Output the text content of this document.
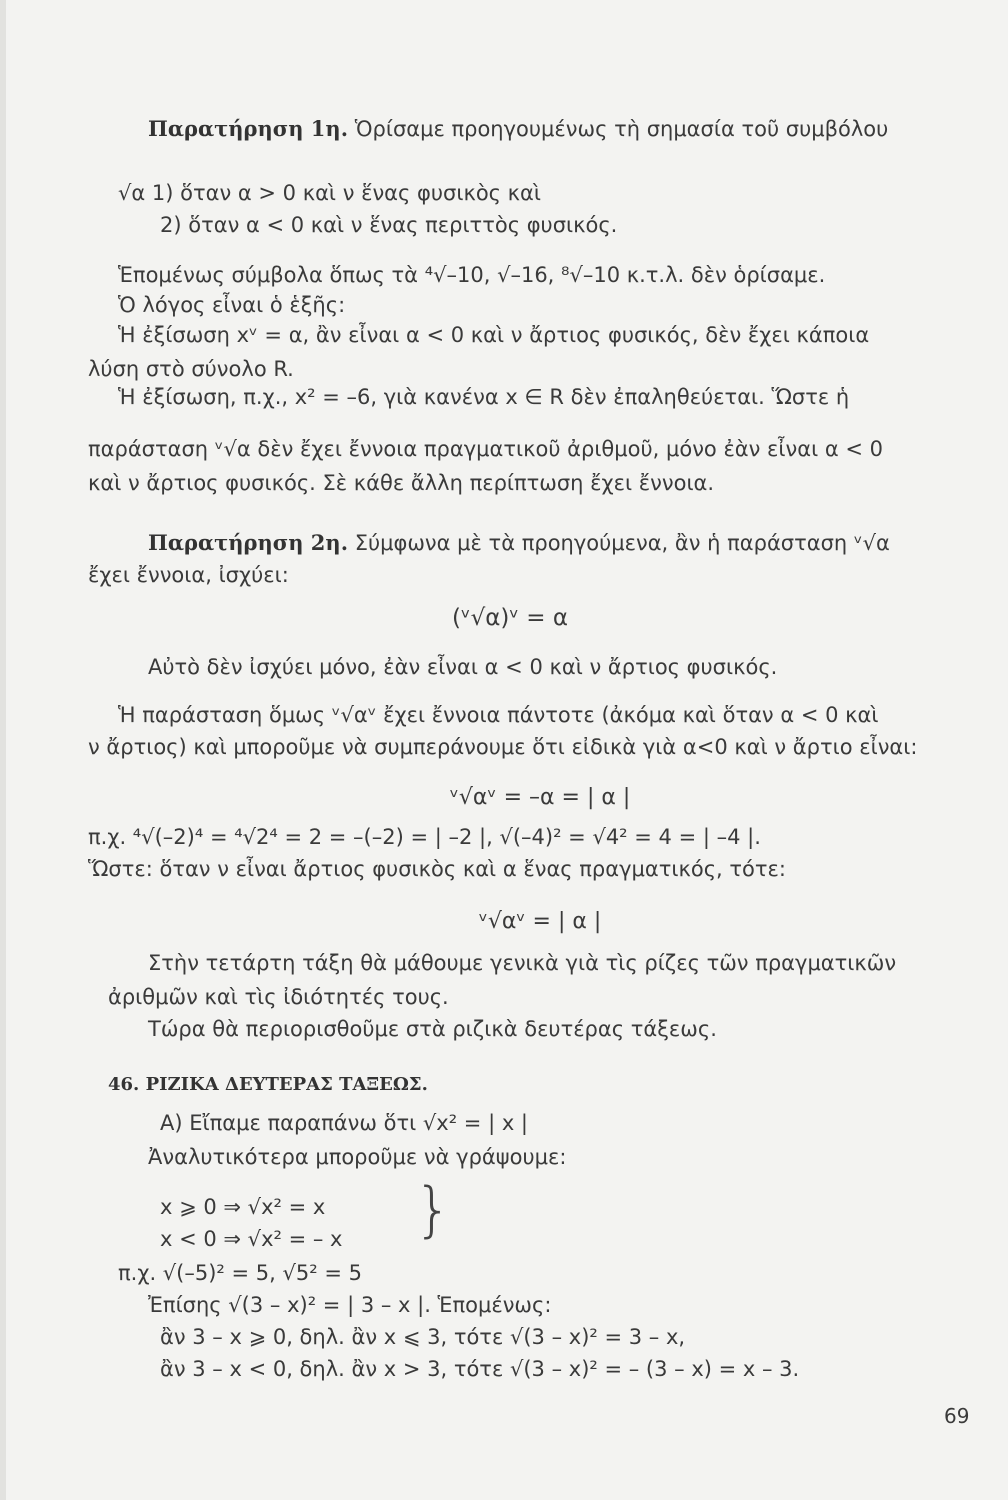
Παρατήρηση 1η. Ὁρίσαμε προηγουμένως τὴ σημασία τοῦ συμβόλου
√α 1) ὅταν α > 0 καὶ ν ἕνας φυσικὸς καὶ
2) ὅταν α < 0 καὶ ν ἕνας περιττὸς φυσικός.
Ἑπομένως σύμβολα ὅπως τὰ ⁴√–10, √–16, ⁸√–10 κ.τ.λ. δὲν ὁρίσαμε.
Ὁ λόγος εἶναι ὁ ἑξῆς:
Ἡ ἐξίσωση xᵛ = α, ἂν εἶναι α < 0 καὶ ν ἄρτιος φυσικός, δὲν ἔχει κάποια
λύση στὸ σύνολο R.
Ἡ ἐξίσωση, π.χ., x² = –6, γιὰ κανένα x ∈ R δὲν ἐπαληθεύεται. Ὥστε ἡ
παράσταση ᵛ√α δὲν ἔχει ἔννοια πραγματικοῦ ἀριθμοῦ, μόνο ἐὰν εἶναι α < 0
καὶ ν ἄρτιος φυσικός. Σὲ κάθε ἄλλη περίπτωση ἔχει ἔννοια.
Παρατήρηση 2η. Σύμφωνα μὲ τὰ προηγούμενα, ἂν ἡ παράσταση ᵛ√α
ἔχει ἔννοια, ἰσχύει:
(ᵛ√α)ᵛ = α
Αὐτὸ δὲν ἰσχύει μόνο, ἐὰν εἶναι α < 0 καὶ ν ἄρτιος φυσικός.
Ἡ παράσταση ὅμως ᵛ√αᵛ ἔχει ἔννοια πάντοτε (ἀκόμα καὶ ὅταν α < 0 καὶ
ν ἄρτιος) καὶ μποροῦμε νὰ συμπεράνουμε ὅτι εἰδικὰ γιὰ α<0 καὶ ν ἄρτιο εἶναι:
ᵛ√αᵛ = –α = | α |
π.χ. ⁴√(–2)⁴ = ⁴√2⁴ = 2 = –(–2) = | –2 |, √(–4)² = √4² = 4 = | –4 |.
Ὥστε: ὅταν ν εἶναι ἄρτιος φυσικὸς καὶ α ἕνας πραγματικός, τότε:
ᵛ√αᵛ = | α |
Στὴν τετάρτη τάξη θὰ μάθουμε γενικὰ γιὰ τὶς ρίζες τῶν πραγματικῶν
ἀριθμῶν καὶ τὶς ἰδιότητές τους.
Τώρα θὰ περιορισθοῦμε στὰ ριζικὰ δευτέρας τάξεως.
46. ΡΙΖΙΚΑ ΔΕΥΤΕΡΑΣ ΤΑΞΕΩΣ.
Α) Εἴπαμε παραπάνω ὅτι √x² = | x |
Ἀναλυτικότερα μποροῦμε νὰ γράψουμε:
x ⩾ 0 ⇒ √x² = x
x < 0 ⇒ √x² = – x }
π.χ. √(–5)² = 5, √5² = 5
Ἐπίσης √(3 – x)² = | 3 – x |. Ἑπομένως:
ἂν 3 – x ⩾ 0, δηλ. ἂν x ⩽ 3, τότε √(3 – x)² = 3 – x,
ἂν 3 – x < 0, δηλ. ἂν x > 3, τότε √(3 – x)² = – (3 – x) = x – 3.
69
